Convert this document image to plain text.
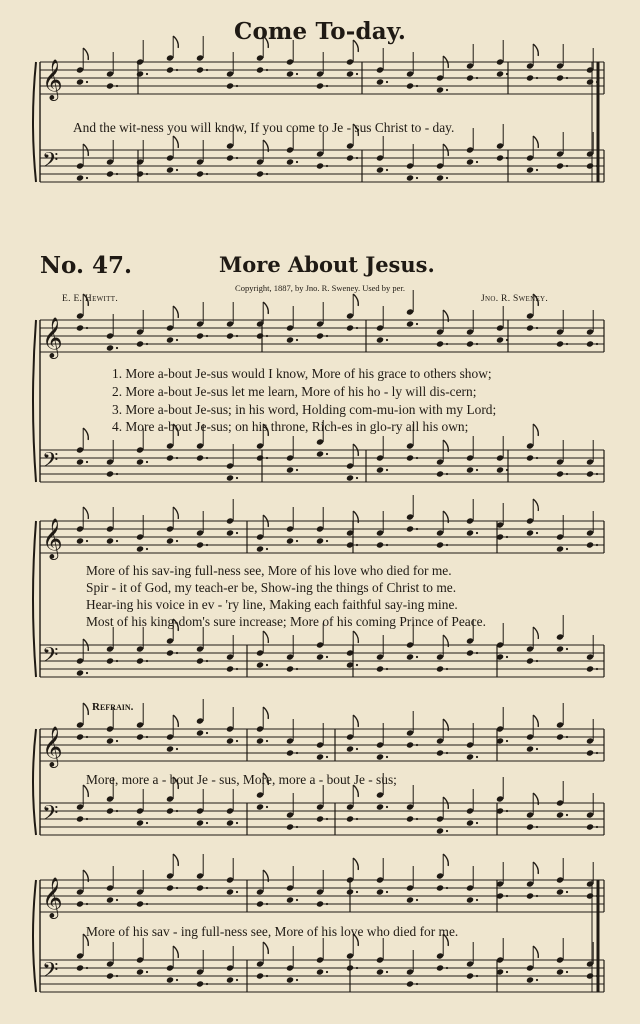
𝄞
𝄢
𝄞
𝄢
𝄞
𝄢
𝄞
𝄢
𝄞
𝄢
Come To-day.
And the wit-ness you will know, If you come to Je - sus Christ to - day.
No. 47.	More About Jesus.
Copyright, 1887, by Jno. R. Sweney. Used by per.
E. E. Hewitt.	Jno. R. Sweney.
1. More a-bout Je-sus would I know, More of his grace to others show;
2. More a-bout Je-sus let me learn, More of his ho - ly will dis-cern;
3. More a-bout Je-sus; in his word, Holding com-mu-ion with my Lord;
4. More a-bout Je-sus; on his throne, Rich-es in glo-ry all his own;
More of his sav-ing full-ness see, More of his love who died for me.
Spir - it of God, my teach-er be, Show-ing the things of Christ to me.
Hear-ing his voice in ev - 'ry line, Making each faithful say-ing mine.
Most of his king-dom's sure increase; More of his coming Prince of Peace.
Refrain.
More, more a - bout Je - sus, More, more a - bout Je - sus;
More of his sav - ing full-ness see, More of his love who died for me.
